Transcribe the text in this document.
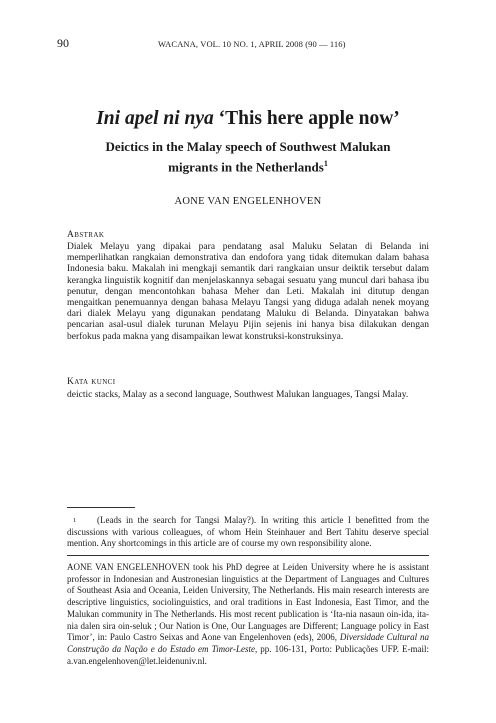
90	WACANA, VOL. 10 NO. 1, APRIL 2008 (90 — 116)
Ini apel ni nya ‘This here apple now’
Deictics in the Malay speech of Southwest Malukan
migrants in the Netherlands$^1$
AONE VAN ENGELENHOVEN
Abstrak
Dialek Melayu yang dipakai para pendatang asal Maluku Selatan di Belanda ini memperlihatkan rangkaian demonstrativa dan endofora yang tidak ditemukan dalam bahasa Indonesia baku. Makalah ini mengkaji semantik dari rangkaian unsur deiktik tersebut dalam kerangka linguistik kognitif dan menjelaskannya sebagai sesuatu yang muncul dari bahasa ibu penutur, dengan mencontohkan bahasa Meher dan Leti. Makalah ini ditutup dengan mengaitkan penemuannya dengan bahasa Melayu Tangsi yang diduga adalah nenek moyang dari dialek Melayu yang digunakan pendatang Maluku di Belanda. Dinyatakan bahwa pencarian asal-usul dialek turunan Melayu Pijin sejenis ini hanya bisa dilakukan dengan berfokus pada makna yang disampaikan lewat konstruksi-konstruksinya.
Kata kunci
deictic stacks, Malay as a second language, Southwest Malukan languages, Tangsi Malay.
1 (Leads in the search for Tangsi Malay?). In writing this article I benefitted from the discussions with various colleagues, of whom Hein Steinhauer and Bert Tahitu deserve special mention. Any shortcomings in this article are of course my own responsibility alone.
AONE VAN ENGELENHOVEN took his PhD degree at Leiden University where he is assistant professor in Indonesian and Austronesian linguistics at the Department of Languages and Cultures of Southeast Asia and Oceania, Leiden University, The Netherlands. His main research interests are descriptive linguistics, sociolinguistics, and oral traditions in East Indonesia, East Timor, and the Malukan community in The Netherlands. His most recent publication is ‘Ita-nia nasaun oin-ida, ita-nia dalen sira oin-seluk ; Our Nation is One, Our Languages are Different; Language policy in East Timor’, in: Paulo Castro Seixas and Aone van Engelenhoven (eds), 2006, Diversidade Cultural na Construção da Nação e do Estado em Timor-Leste, pp. 106-131, Porto: Publicações UFP. E-mail: a.van.engelenhoven@let.leidenuniv.nl.
